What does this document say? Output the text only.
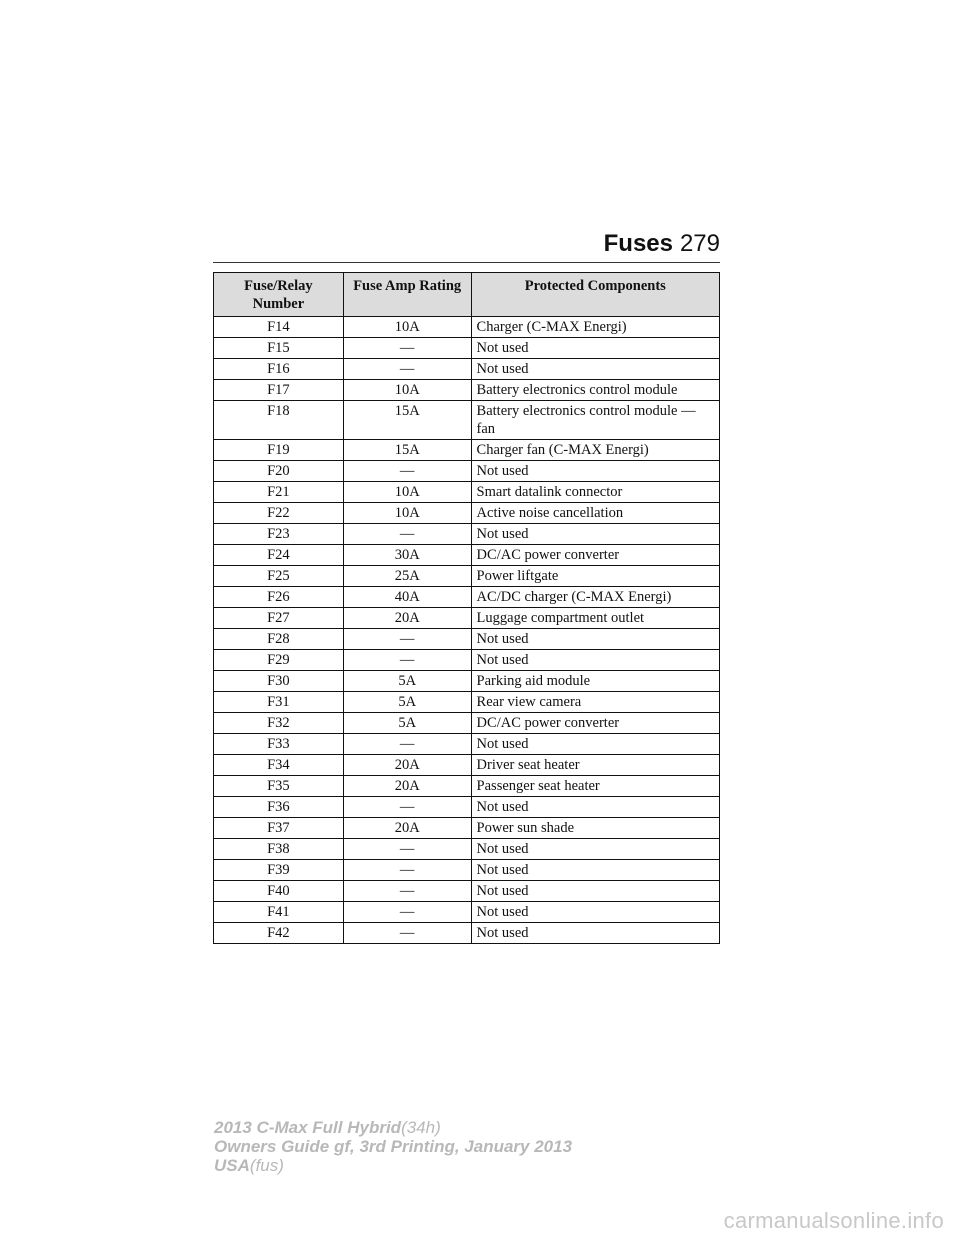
Fuses 279
Fuse/Relay Number	Fuse Amp Rating	Protected Components
F14	10A	Charger (C-MAX Energi)
F15	—	Not used
F16	—	Not used
F17	10A	Battery electronics control module
F18	15A	Battery electronics control module — fan
F19	15A	Charger fan (C-MAX Energi)
F20	—	Not used
F21	10A	Smart datalink connector
F22	10A	Active noise cancellation
F23	—	Not used
F24	30A	DC/AC power converter
F25	25A	Power liftgate
F26	40A	AC/DC charger (C-MAX Energi)
F27	20A	Luggage compartment outlet
F28	—	Not used
F29	—	Not used
F30	5A	Parking aid module
F31	5A	Rear view camera
F32	5A	DC/AC power converter
F33	—	Not used
F34	20A	Driver seat heater
F35	20A	Passenger seat heater
F36	—	Not used
F37	20A	Power sun shade
F38	—	Not used
F39	—	Not used
F40	—	Not used
F41	—	Not used
F42	—	Not used
2013 C-Max Full Hybrid(34h)
Owners Guide gf, 3rd Printing, January 2013
USA(fus)
carmanualsonline.info
